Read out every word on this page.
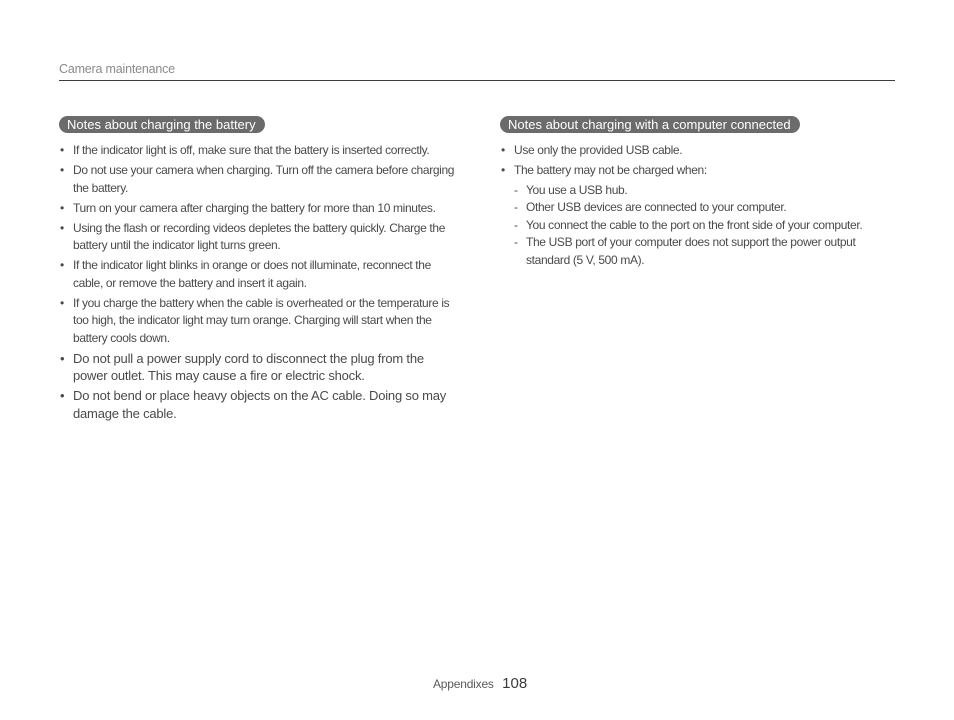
Camera maintenance
Notes about charging the battery
• If the indicator light is off, make sure that the battery is inserted correctly.
• Do not use your camera when charging. Turn off the camera before charging the battery.
• Turn on your camera after charging the battery for more than 10 minutes.
• Using the flash or recording videos depletes the battery quickly. Charge the battery until the indicator light turns green.
• If the indicator light blinks in orange or does not illuminate, reconnect the cable, or remove the battery and insert it again.
• If you charge the battery when the cable is overheated or the temperature is too high, the indicator light may turn orange. Charging will start when the battery cools down.
• Do not pull a power supply cord to disconnect the plug from the power outlet. This may cause a fire or electric shock.
• Do not bend or place heavy objects on the AC cable. Doing so may damage the cable.
Notes about charging with a computer connected
• Use only the provided USB cable.
• The battery may not be charged when:
- You use a USB hub.
- Other USB devices are connected to your computer.
- You connect the cable to the port on the front side of your computer.
- The USB port of your computer does not support the power output standard (5 V, 500 mA).
Appendixes 108
